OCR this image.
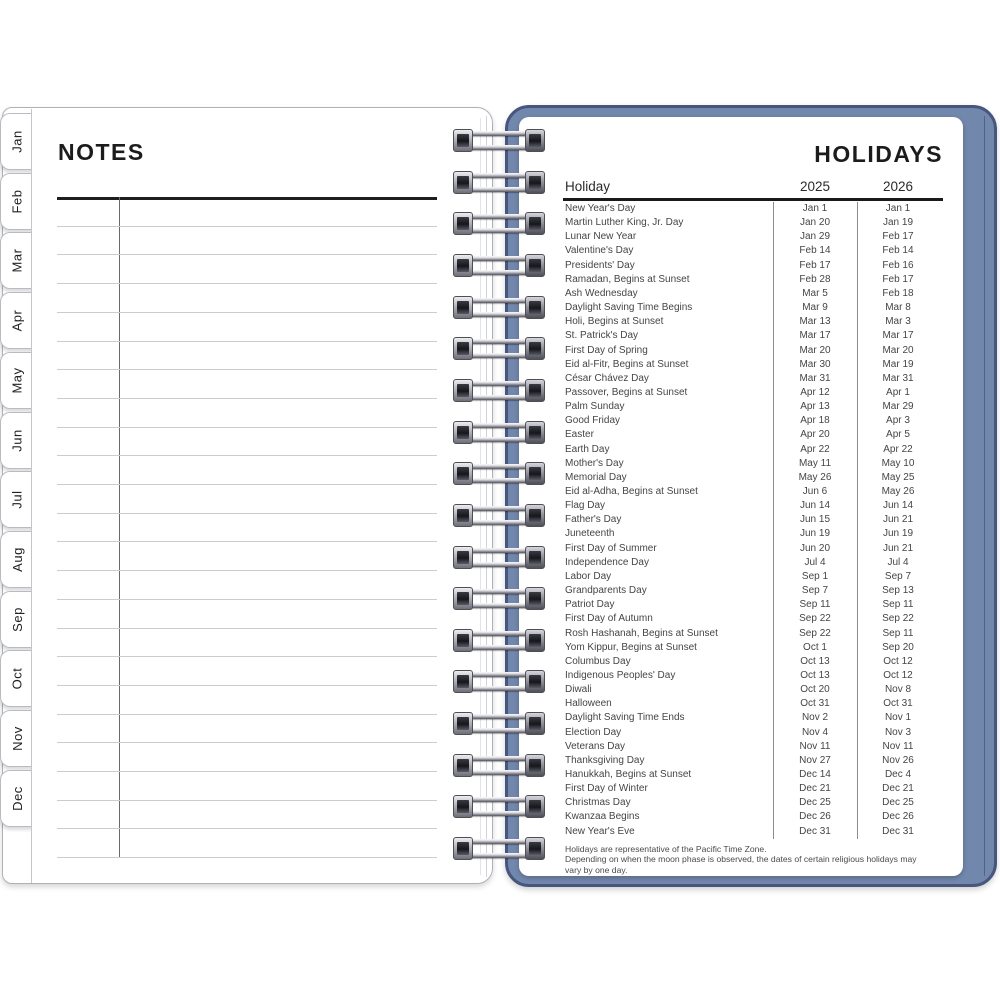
Jan
Feb
Mar
Apr
May
Jun
Jul
Aug
Sep
Oct
Nov
Dec
NOTES	HOLIDAYS
Holiday	2025	2026
New Year's Day	Jan 1	Jan 1
Martin Luther King, Jr. Day	Jan 20	Jan 19
Lunar New Year	Jan 29	Feb 17
Valentine's Day	Feb 14	Feb 14
Presidents' Day	Feb 17	Feb 16
Ramadan, Begins at Sunset	Feb 28	Feb 17
Ash Wednesday	Mar 5	Feb 18
Daylight Saving Time Begins	Mar 9	Mar 8
Holi, Begins at Sunset	Mar 13	Mar 3
St. Patrick's Day	Mar 17	Mar 17
First Day of Spring	Mar 20	Mar 20
Eid al-Fitr, Begins at Sunset	Mar 30	Mar 19
César Chávez Day	Mar 31	Mar 31
Passover, Begins at Sunset	Apr 12	Apr 1
Palm Sunday	Apr 13	Mar 29
Good Friday	Apr 18	Apr 3
Easter	Apr 20	Apr 5
Earth Day	Apr 22	Apr 22
Mother's Day	May 11	May 10
Memorial Day	May 26	May 25
Eid al-Adha, Begins at Sunset	Jun 6	May 26
Flag Day	Jun 14	Jun 14
Father's Day	Jun 15	Jun 21
Juneteenth	Jun 19	Jun 19
First Day of Summer	Jun 20	Jun 21
Independence Day	Jul 4	Jul 4
Labor Day	Sep 1	Sep 7
Grandparents Day	Sep 7	Sep 13
Patriot Day	Sep 11	Sep 11
First Day of Autumn	Sep 22	Sep 22
Rosh Hashanah, Begins at Sunset	Sep 22	Sep 11
Yom Kippur, Begins at Sunset	Oct 1	Sep 20
Columbus Day	Oct 13	Oct 12
Indigenous Peoples' Day	Oct 13	Oct 12
Diwali	Oct 20	Nov 8
Halloween	Oct 31	Oct 31
Daylight Saving Time Ends	Nov 2	Nov 1
Election Day	Nov 4	Nov 3
Veterans Day	Nov 11	Nov 11
Thanksgiving Day	Nov 27	Nov 26
Hanukkah, Begins at Sunset	Dec 14	Dec 4
First Day of Winter	Dec 21	Dec 21
Christmas Day	Dec 25	Dec 25
Kwanzaa Begins	Dec 26	Dec 26
New Year's Eve	Dec 31	Dec 31
Holidays are representative of the Pacific Time Zone.
Depending on when the moon phase is observed, the dates of certain religious holidays may
vary by one day.
